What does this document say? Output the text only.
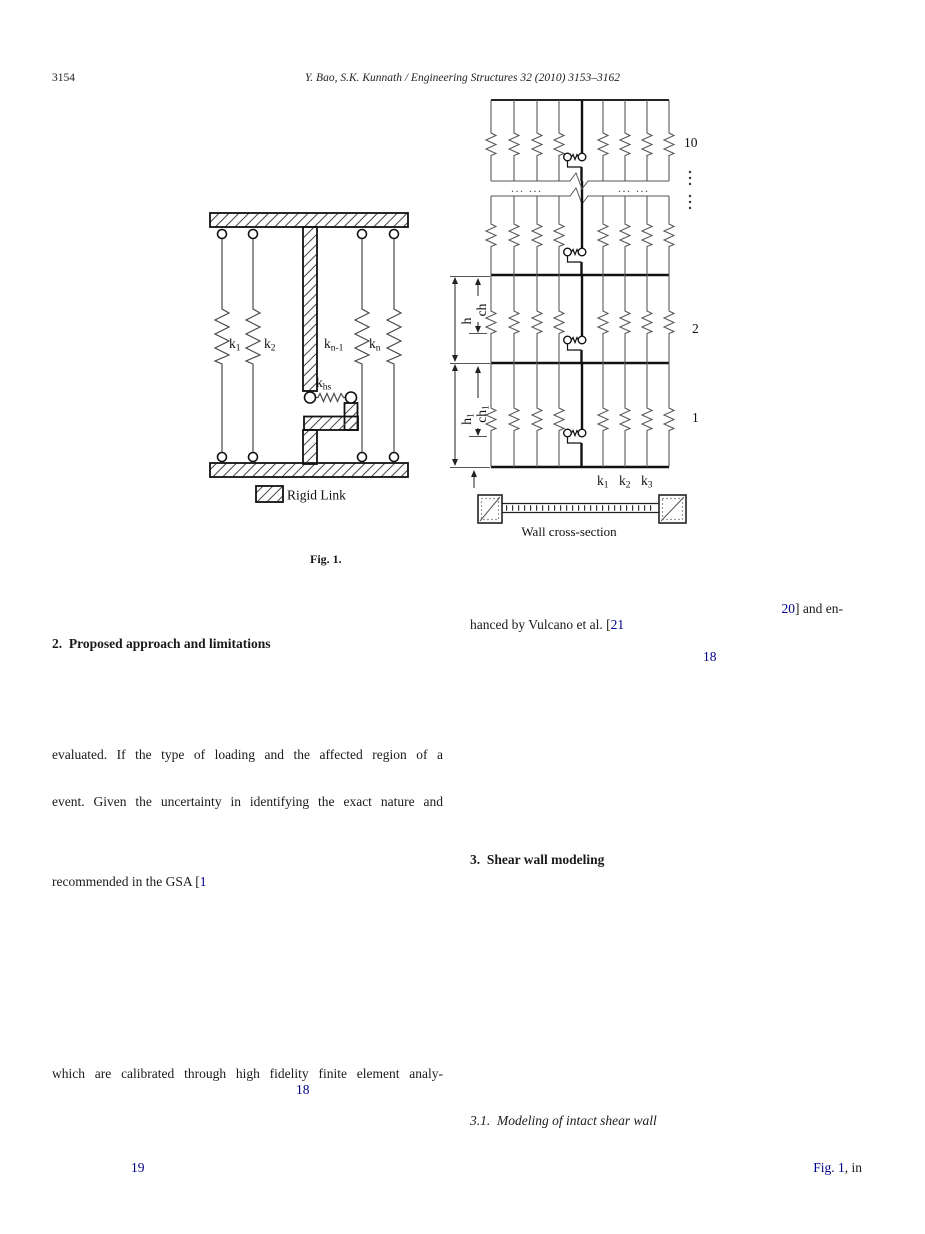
3154	Y. Bao, S.K. Kunnath / Engineering Structures 32 (2010) 3153–3162
k1 k2	kn-1 kn
khs
Rigid Link
... ...	... ...
10
2
1
k1 k2 k3
h
ch
h1
ch1
Wall cross-section
Fig. 1.
20] and en-
hanced by Vulcano et al. [21
18
2.  Proposed approach and limitations
evaluated. If the type of loading and the affected region of a
event. Given the uncertainty in identifying the exact nature and
recommended in the GSA [1
which are calibrated through high fidelity finite element analy-
18
19
3.  Shear wall modeling
3.1.  Modeling of intact shear wall
Fig. 1, in
